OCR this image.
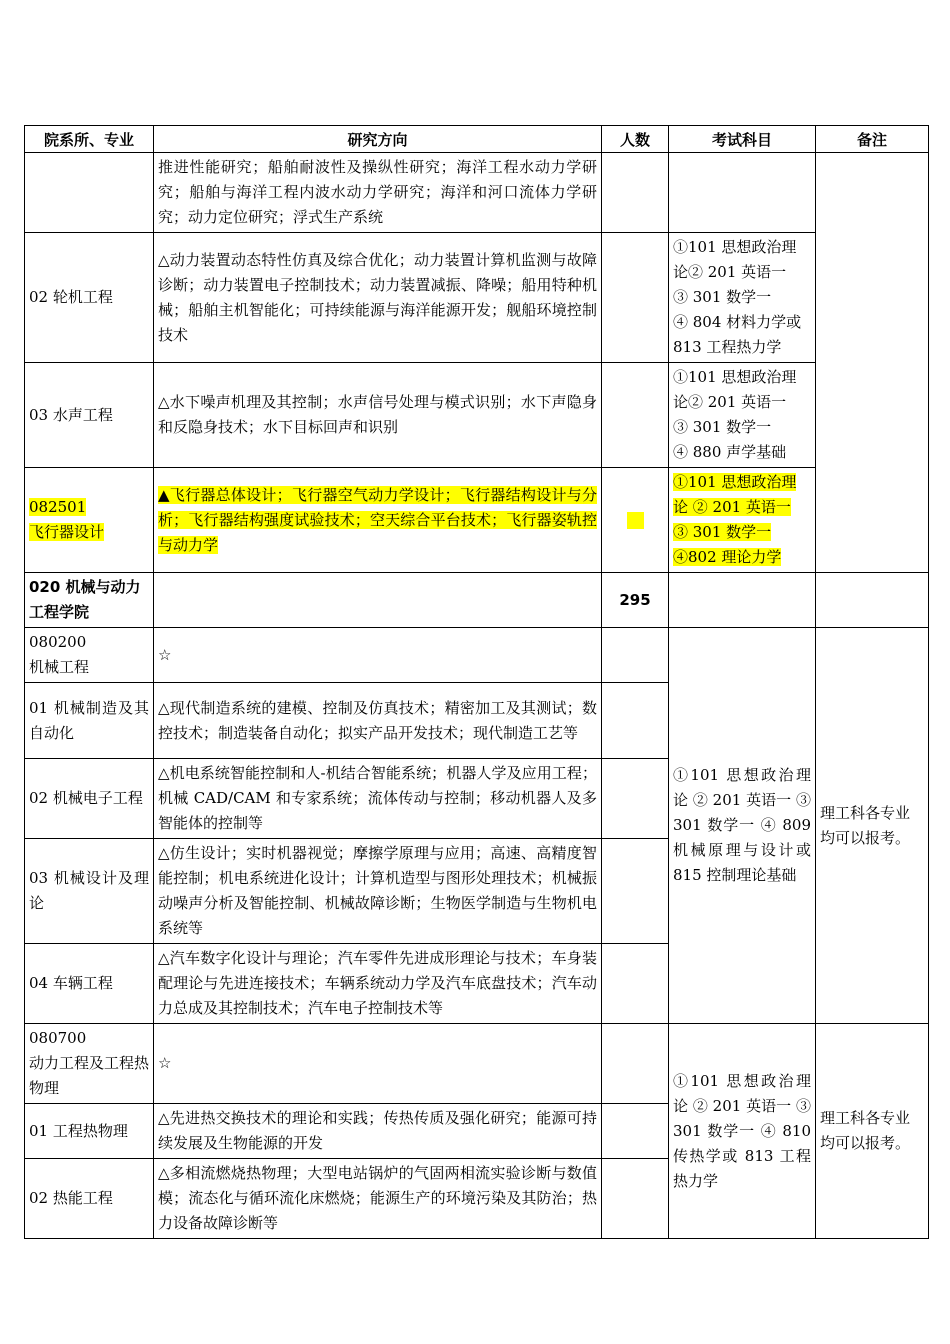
院系所、专业	研究方向	人数	考试科目	备注
	推进性能研究；船舶耐波性及操纵性研究；海洋工程水动力学研究；船舶与海洋工程内波水动力学研究；海洋和河口流体力学研究；动力定位研究；浮式生产系统			
02 轮机工程	△动力装置动态特性仿真及综合优化；动力装置计算机监测与故障诊断；动力装置电子控制技术；动力装置减振、降噪；船用特种机械；船舶主机智能化；可持续能源与海洋能源开发；舰船环境控制技术		①101 思想政治理论② 201 英语一
③ 301 数学一
④ 804 材料力学或 813 工程热力学	

03 水声工程	△水下噪声机理及其控制；水声信号处理与模式识别；水下声隐身和反隐身技术；水下目标回声和识别		①101 思想政治理论② 201 英语一
③ 301 数学一
④ 880 声学基础	

082501
飞行器设计	▲飞行器总体设计；飞行器空气动力学设计；飞行器结构设计与分析；飞行器结构强度试验技术；空天综合平台技术；飞行器姿轨控与动力学		①101 思想政治理论 ② 201 英语一
③ 301 数学一
④802 理论力学	

020 机械与动力工程学院		295		

080200
机械工程	☆		①101 思想政治理论 ② 201 英语一 ③ 301 数学一 ④ 809 机械原理与设计或 815 控制理论基础	理工科各专业均可以报考。
01 机械制造及其自动化	△现代制造系统的建模、控制及仿真技术；精密加工及其测试；数控技术；制造装备自动化；拟实产品开发技术；现代制造工艺等			
02 机械电子工程	△机电系统智能控制和人-机结合智能系统；机器人学及应用工程；机械 CAD/CAM 和专家系统；流体传动与控制；移动机器人及多智能体的控制等			
03 机械设计及理论	△仿生设计；实时机器视觉；摩擦学原理与应用；高速、高精度智能控制；机电系统进化设计；计算机造型与图形处理技术；机械振动噪声分析及智能控制、机械故障诊断；生物医学制造与生物机电系统等			
04 车辆工程	△汽车数字化设计与理论；汽车零件先进成形理论与技术；车身装配理论与先进连接技术；车辆系统动力学及汽车底盘技术；汽车动力总成及其控制技术；汽车电子控制技术等			

080700
动力工程及工程热物理	☆		①101 思想政治理论 ② 201 英语一 ③ 301 数学一 ④ 810 传热学或 813 工程热力学	理工科各专业均可以报考。
01 工程热物理	△先进热交换技术的理论和实践；传热传质及强化研究；能源可持续发展及生物能源的开发			
02 热能工程	△多相流燃烧热物理；大型电站锅炉的气固两相流实验诊断与数值模；流态化与循环流化床燃烧；能源生产的环境污染及其防治；热力设备故障诊断等			
